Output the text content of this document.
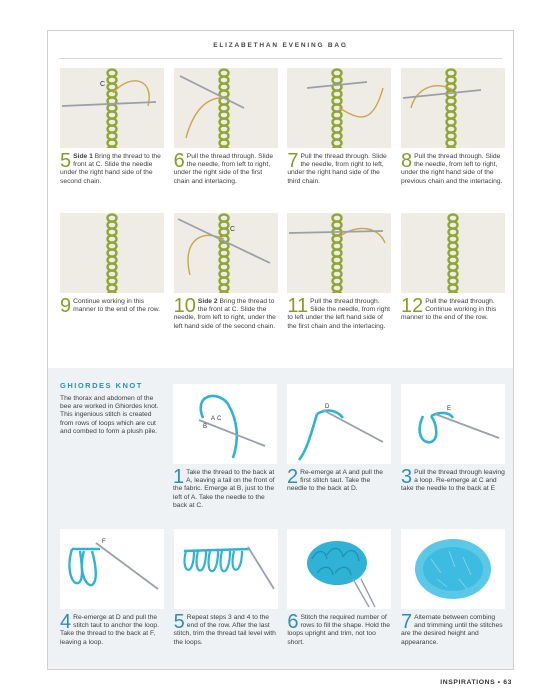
ELIZABETHAN EVENING BAG
C
5 Side 1 Bring the thread to the front at C. Slide the needle under the right hand side of the second chain.
6 Pull the thread through. Slide the needle, from left to right, under the right side of the first chain and interlacing.
7 Pull the thread through. Slide the needle, from right to left, under the right hand side of the third chain.
8 Pull the thread through. Slide the needle, from left to right, under the right hand side of the previous chain and the interlacing.
9 Continue working in this manner to the end of the row.
C
10 Side 2 Bring the thread to the front at C. Slide the needle, from left to right, under the left hand side of the second chain.
11 Pull the thread through. Slide the needle, from right to left under the left hand side of the first chain and the interlacing.
12 Pull the thread through. Continue working in this manner to the end of the row.
GHIORDES KNOT
The thorax and abdomen of the bee are worked in Ghiordes knot. This ingenious stitch is created from rows of loops which are cut and combed to form a plush pile.
A C
B
1 Take the thread to the back at A, leaving a tail on the front of the fabric. Emerge at B, just to the left of A. Take the needle to the back at C.
D
2 Re-emerge at A and pull the first stitch taut. Take the needle to the back at D.
E
3 Pull the thread through leaving a loop. Re-emerge at C and take the needle to the back at E
F
4 Re-emerge at D and pull the stitch taut to anchor the loop. Take the thread to the back at F, leaving a loop.
5 Repeat steps 3 and 4 to the end of the row. After the last stitch, trim the thread tail level with the loops.
6 Stitch the required number of rows to fill the shape. Hold the loops upright and trim, not too short.
7 Alternate between combing and trimming until the stitches are the desired height and appearance.
INSPIRATIONS • 63
